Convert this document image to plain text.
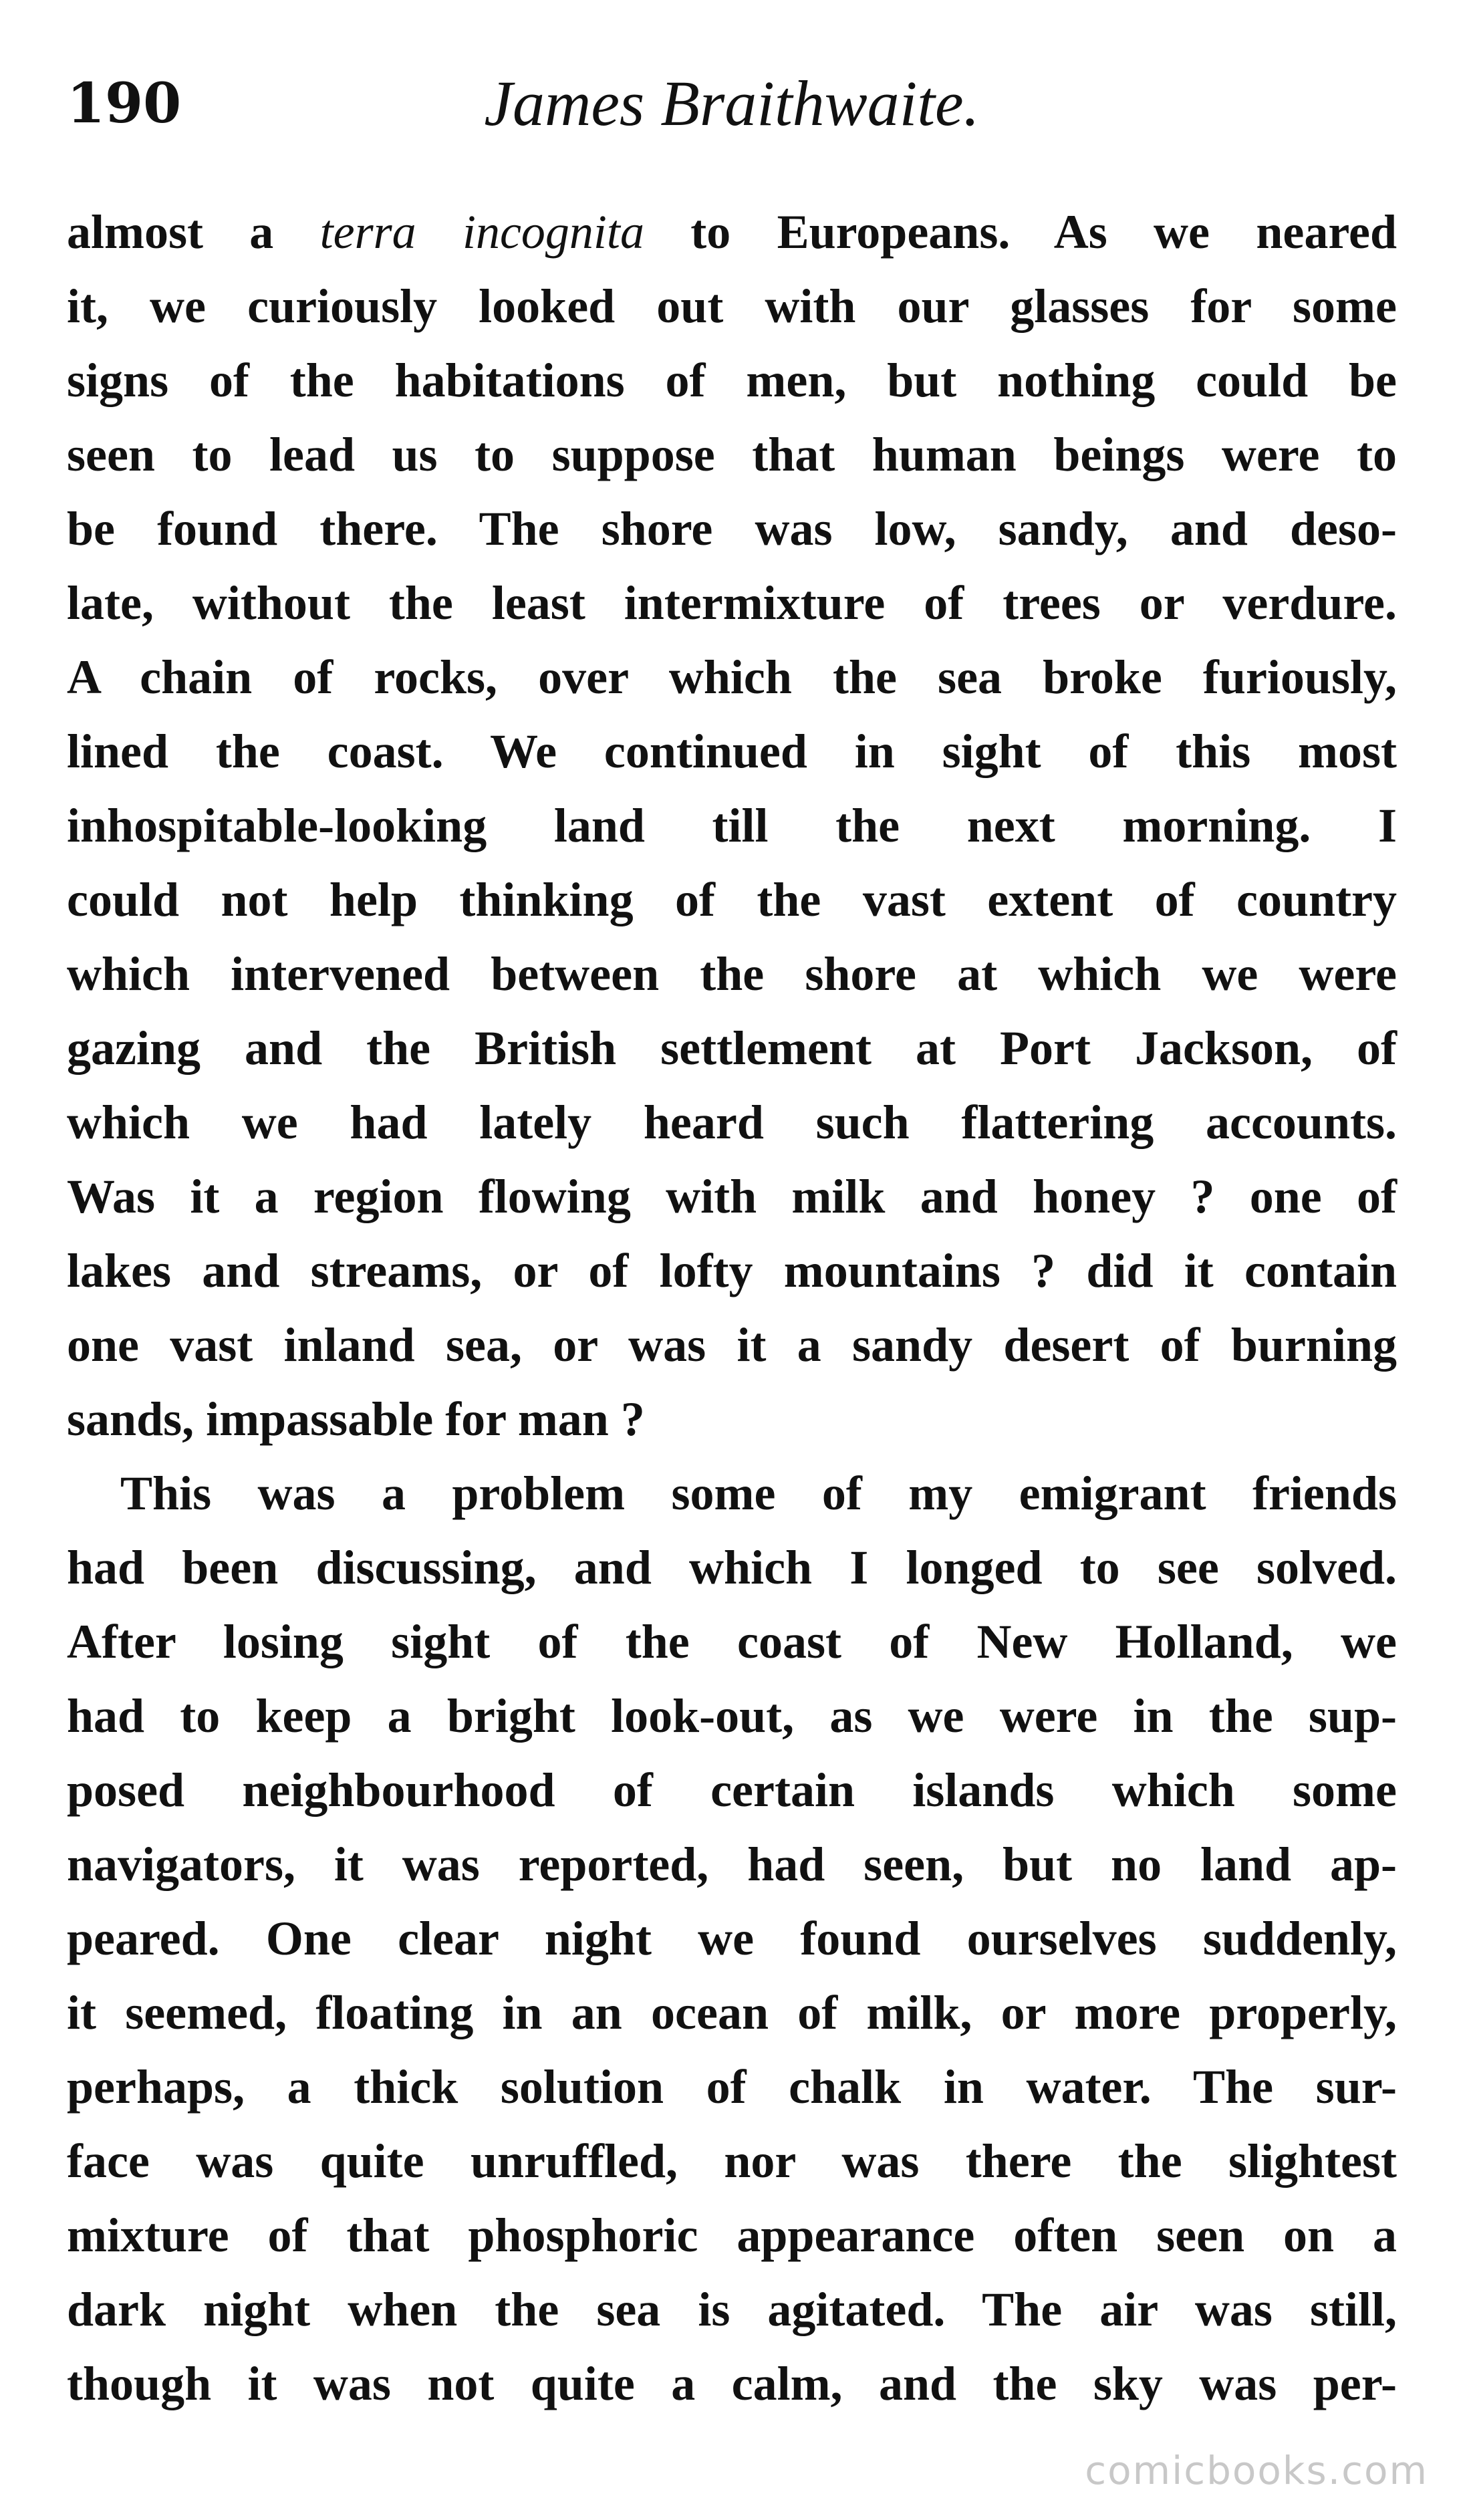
190	James Braithwaite.
almost a terra incognita to Europeans. As we neared
it, we curiously looked out with our glasses for some
signs of the habitations of men, but nothing could be
seen to lead us to suppose that human beings were to
be found there. The shore was low, sandy, and deso-
late, without the least intermixture of trees or verdure.
A chain of rocks, over which the sea broke furiously,
lined the coast. We continued in sight of this most
inhospitable-looking land till the next morning. I
could not help thinking of the vast extent of country
which intervened between the shore at which we were
gazing and the British settlement at Port Jackson, of
which we had lately heard such flattering accounts.
Was it a region flowing with milk and honey ? one of
lakes and streams, or of lofty mountains ? did it contain
one vast inland sea, or was it a sandy desert of burning
sands, impassable for man ?
This was a problem some of my emigrant friends
had been discussing, and which I longed to see solved.
After losing sight of the coast of New Holland, we
had to keep a bright look-out, as we were in the sup-
posed neighbourhood of certain islands which some
navigators, it was reported, had seen, but no land ap-
peared. One clear night we found ourselves suddenly,
it seemed, floating in an ocean of milk, or more properly,
perhaps, a thick solution of chalk in water. The sur-
face was quite unruffled, nor was there the slightest
mixture of that phosphoric appearance often seen on a
dark night when the sea is agitated. The air was still,
though it was not quite a calm, and the sky was per-
comicbooks.com
